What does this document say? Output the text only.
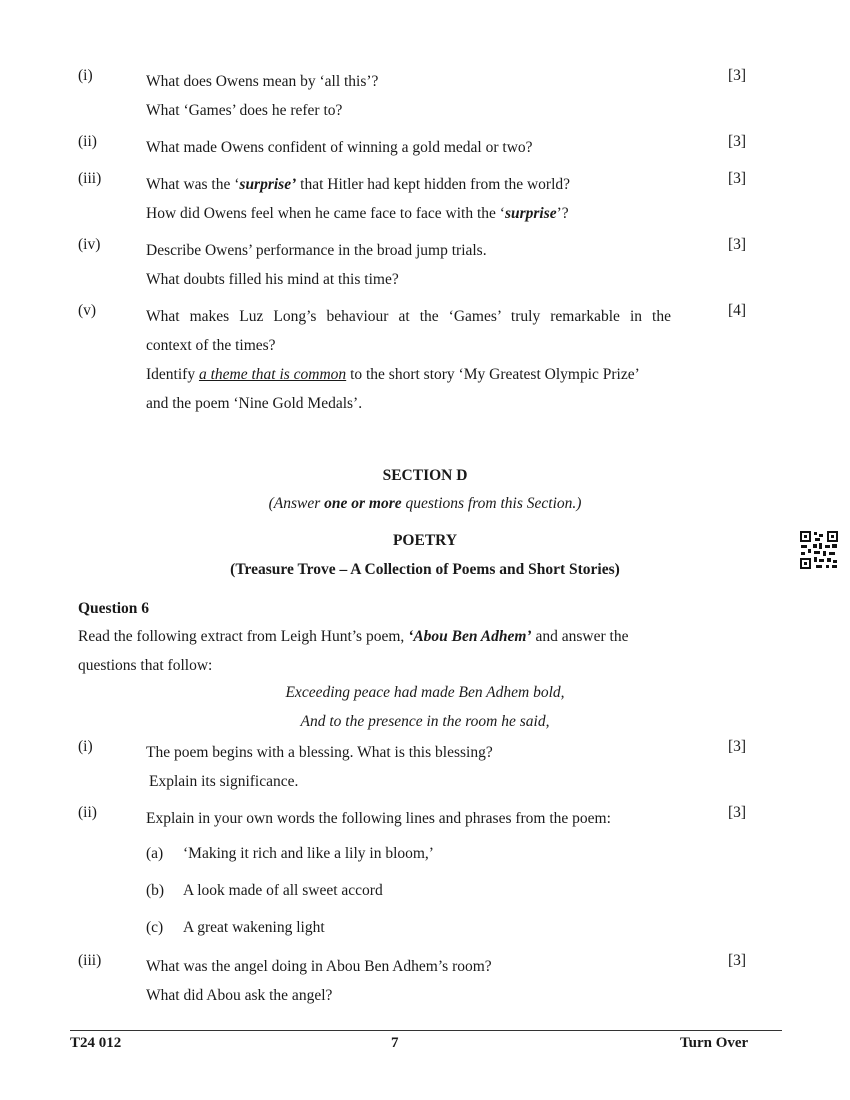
(i)	What does Owens mean by ‘all this’?
What ‘Games’ does he refer to?
[3]
(ii)	What made Owens confident of winning a gold medal or two?	[3]
(iii)	What was the ‘surprise’ that Hitler had kept hidden from the world?
How did Owens feel when he came face to face with the ‘surprise’?
[3]
(iv)	Describe Owens’ performance in the broad jump trials.
What doubts filled his mind at this time?
[3]
(v)	What makes Luz Long’s behaviour at the ‘Games’ truly remarkable in the
context of the times?
Identify a theme that is common to the short story ‘My Greatest Olympic Prize’
and the poem ‘Nine Gold Medals’.
[4]
SECTION D
(Answer one or more questions from this Section.)
POETRY
(Treasure Trove – A Collection of Poems and Short Stories)
Question 6
Read the following extract from Leigh Hunt’s poem, ‘Abou Ben Adhem’ and answer the
questions that follow:
Exceeding peace had made Ben Adhem bold,
And to the presence in the room he said,
(i)	The poem begins with a blessing. What is this blessing?
Explain its significance.
[3]
(ii)	Explain in your own words the following lines and phrases from the poem:	[3]
(a) ‘Making it rich and like a lily in bloom,’
(b) A look made of all sweet accord
(c) A great wakening light
(iii)	What was the angel doing in Abou Ben Adhem’s room?
What did Abou ask the angel?
[3]
T24 012	7	Turn Over
